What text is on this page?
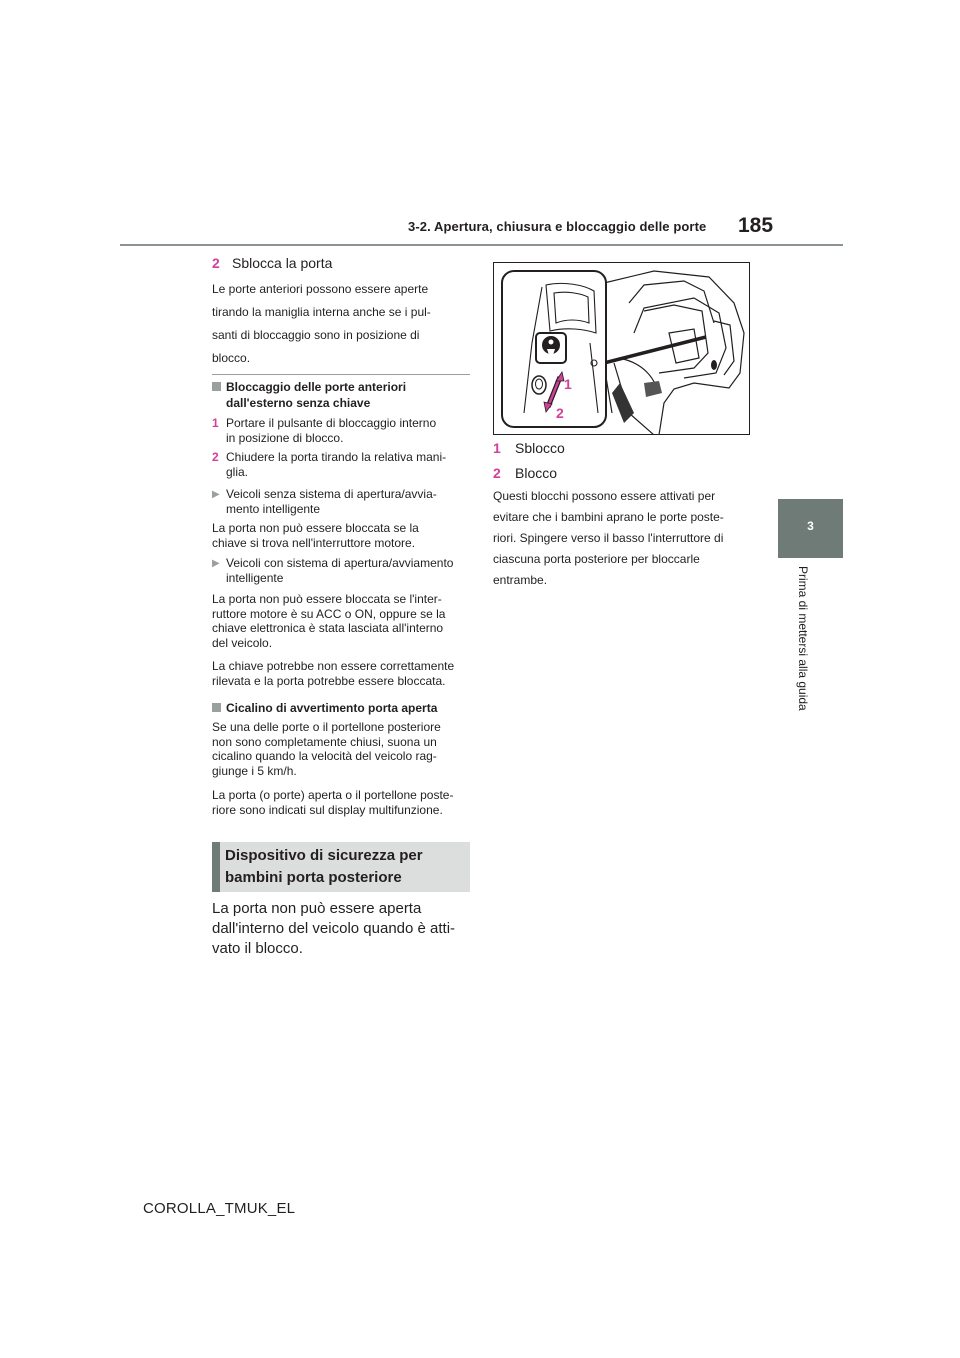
3-2. Apertura, chiusura e bloccaggio delle porte 185
3
Prima di mettersi alla guida
2 Sblocca la porta
Le porte anteriori possono essere aperte
tirando la maniglia interna anche se i pul-
santi di bloccaggio sono in posizione di
blocco.
Bloccaggio delle porte anteriori
dall'esterno senza chiave
1 Portare il pulsante di bloccaggio interno
in posizione di blocco.
2 Chiudere la porta tirando la relativa mani-
glia.
▶ Veicoli senza sistema di apertura/avvia-
mento intelligente
La porta non può essere bloccata se la
chiave si trova nell'interruttore motore.
▶ Veicoli con sistema di apertura/avviamento
intelligente
La porta non può essere bloccata se l'inter-
ruttore motore è su ACC o ON, oppure se la
chiave elettronica è stata lasciata all'interno
del veicolo.
La chiave potrebbe non essere correttamente
rilevata e la porta potrebbe essere bloccata.
Cicalino di avvertimento porta aperta
Se una delle porte o il portellone posteriore
non sono completamente chiusi, suona un
cicalino quando la velocità del veicolo rag-
giunge i 5 km/h.
La porta (o porte) aperta o il portellone poste-
riore sono indicati sul display multifunzione.
Dispositivo di sicurezza per
bambini porta posteriore
La porta non può essere aperta
dall'interno del veicolo quando è atti-
vato il blocco.
1
2
1 Sblocco
2 Blocco
Questi blocchi possono essere attivati per
evitare che i bambini aprano le porte poste-
riori. Spingere verso il basso l'interruttore di
ciascuna porta posteriore per bloccarle
entrambe.
COROLLA_TMUK_EL
